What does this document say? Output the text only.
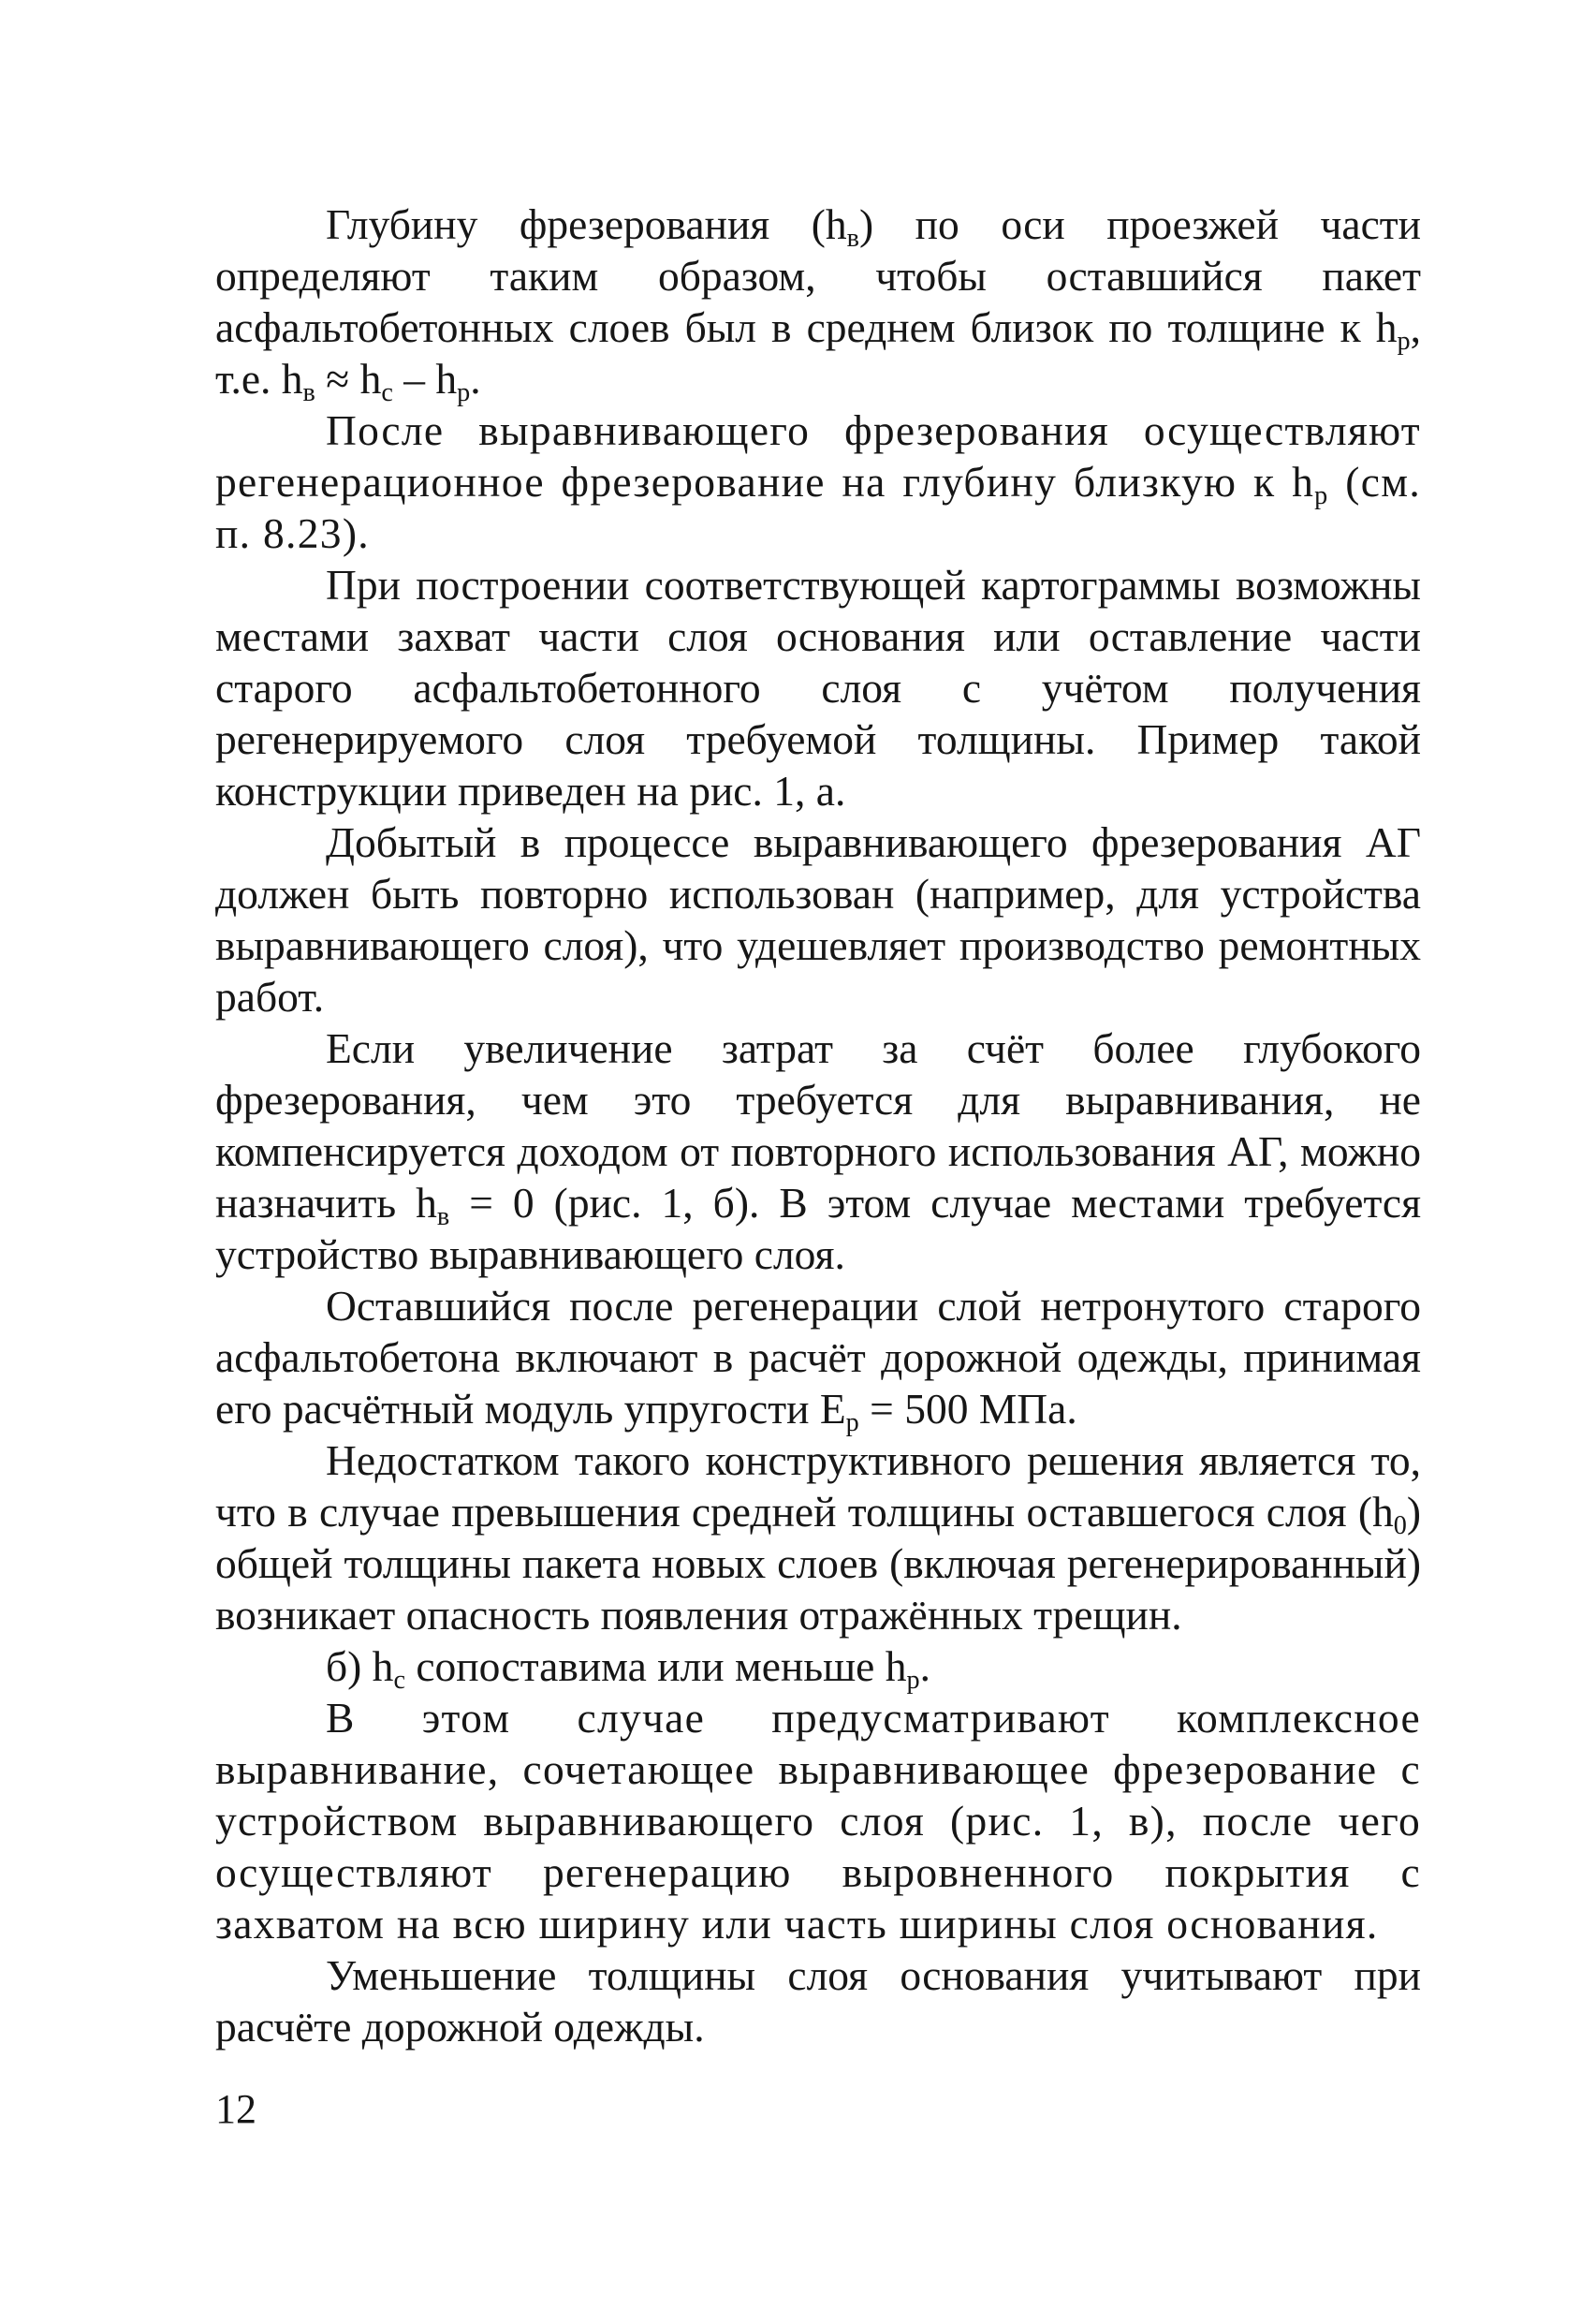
Глубину фрезерования $(h_в)$ по оси проезжей части определяют таким образом, чтобы оставшийся пакет асфальтобетонных слоев был в среднем близок по толщине к $h_р$, т.е. $h_в \approx h_с - h_р$.

После выравнивающего фрезерования осуществляют регенерационное фрезерование на глубину близкую к $h_р$ (см. п. 8.23).

При построении соответствующей картограммы возможны местами захват части слоя основания или оставление части старого асфальтобетонного слоя с учётом получения регенерируемого слоя требуемой толщины. Пример такой конструкции приведен на рис. 1, а.

Добытый в процессе выравнивающего фрезерования АГ должен быть повторно использован (например, для устройства выравнивающего слоя), что удешевляет производство ремонтных работ.

Если увеличение затрат за счёт более глубокого фрезерования, чем это требуется для выравнивания, не компенсируется доходом от повторного использования АГ, можно назначить $h_в = 0$ (рис. 1, б). В этом случае местами требуется устройство выравнивающего слоя.

Оставшийся после регенерации слой нетронутого старого асфальтобетона включают в расчёт дорожной одежды, принимая его расчётный модуль упругости $Е_р = 500$ МПа.

Недостатком такого конструктивного решения является то, что в случае превышения средней толщины оставшегося слоя $(h_0)$ общей толщины пакета новых слоев (включая регенерированный) возникает опасность появления отражённых трещин.

б) $h_с$ сопоставима или меньше $h_р$.

В этом случае предусматривают комплексное выравнивание, сочетающее выравнивающее фрезерование с устройством выравнивающего слоя (рис. 1, в), после чего осуществляют регенерацию выровненного покрытия с захватом на всю ширину или часть ширины слоя основания.

Уменьшение толщины слоя основания учитывают при расчёте дорожной одежды.

12
